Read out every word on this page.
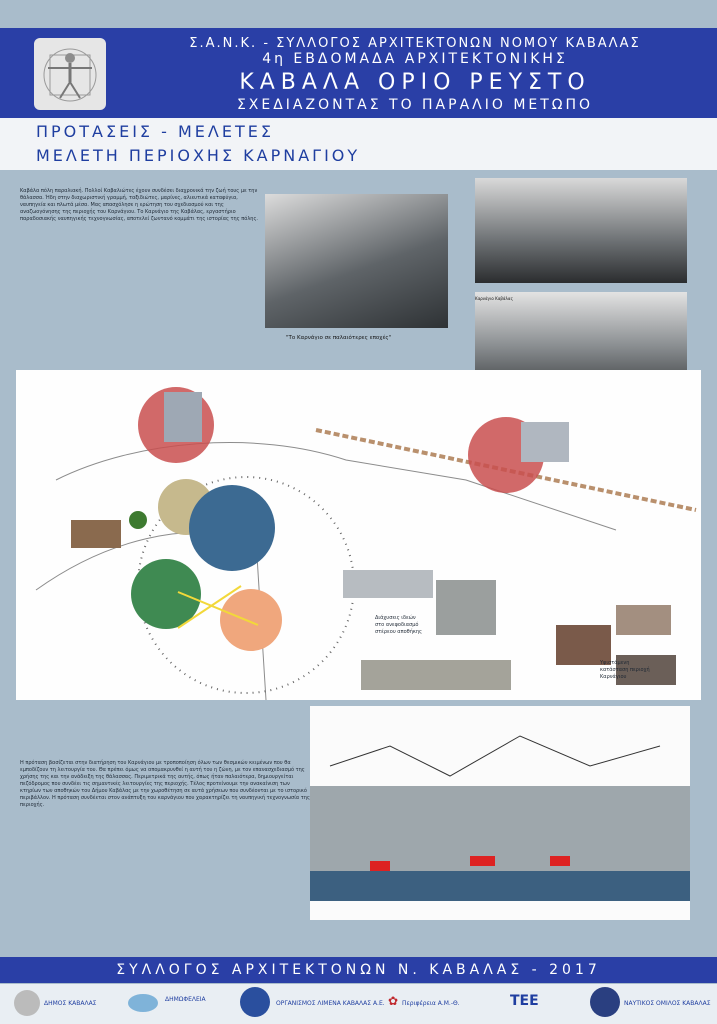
Σ.Α.Ν.Κ. - ΣΥΛΛΟΓΟΣ ΑΡΧΙΤΕΚΤΟΝΩΝ ΝΟΜΟΥ ΚΑΒΑΛΑΣ
4η ΕΒΔΟΜΑΔΑ ΑΡΧΙΤΕΚΤΟΝΙΚΗΣ
ΚΑΒΑΛΑ ΟΡΙΟ ΡΕΥΣΤΟ
ΣΧΕΔΙΑΖΟΝΤΑΣ ΤΟ ΠΑΡΑΛΙΟ ΜΕΤΩΠΟ
ΠΡΟΤΑΣΕΙΣ - ΜΕΛΕΤΕΣ
ΜΕΛΕΤΗ ΠΕΡΙΟΧΗΣ ΚΑΡΝΑΓΙΟΥ
Καβάλα πόλη παραλιακή. Πολλοί Καβαλιώτες έχουν συνδέσει διαχρονικά την ζωή τους με την θάλασσα. Ήδη στην διαχωριστική γραμμή, ταξιδιώτες, μαρίνες, αλιευτικά καταφύγια, ναυπηγεία και πλωτά μέσα. Μας απασχόλησε η ερώτηση του σχεδιασμού και της αναζωογόνησης της περιοχής του Καρνάγιου. Το Καρνάγιο της Καβάλας, εργαστήριο παραδοσιακής ναυπηγικής τεχνογνωσίας, αποτελεί ζωντανό κομμάτι της ιστορίας της πόλης.
"Το Καρνάγιο σε παλαιότερες εποχές"
Καρνάγιο Καβάλας
Διάχυσεις ιδεών στο ανεφοδιασμό στέρεου αποθήκης
Υφιστάμενη κατάσταση περιοχή Καρνάγιου
Η πρόταση βασίζεται στην διατήρηση του Καρνάγιου με τροποποίηση όλων των θεσμικών κειμένων που θα εμποδίζουν τη λειτουργία του. Θα πρέπει όμως να απομακρυνθεί η αυτή του η ζώνη, με τον επανασχεδιασμό της χρήσης της και την ανάδειξη της θάλασσας. Περιμετρικά της αυτής, όπως ήταν παλαιότερα, δημιουργείται πεζόδρομος που συνδέει τις σημαντικές λειτουργίες της περιοχής. Τέλος προτείνουμε την ανακαίνιση των κτηρίων των αποθηκών του Δήμου Καβάλας με την χωροθέτηση σε αυτά χρήσεων που συνδέονται με το ιστορικό περιβάλλον. Η πρόταση συνδέεται στον ανάπτυξη του καρνάγιου που χαρακτηρίζει τη ναυπηγική τεχνογνωσία της περιοχής.
ΣΥΛΛΟΓΟΣ ΑΡΧΙΤΕΚΤΟΝΩΝ Ν. ΚΑΒΑΛΑΣ - 2017
ΔΗΜΟΣ ΚΑΒΑΛΑΣ
ΔΗΜΩΦΕΛΕΙΑ
ΟΡΓΑΝΙΣΜΟΣ ΛΙΜΕΝΑ ΚΑΒΑΛΑΣ Α.Ε. ✿ Περιφέρεια Α.Μ.-Θ.	ΤΕΕ	ΝΑΥΤΙΚΟΣ ΟΜΙΛΟΣ ΚΑΒΑΛΑΣ
